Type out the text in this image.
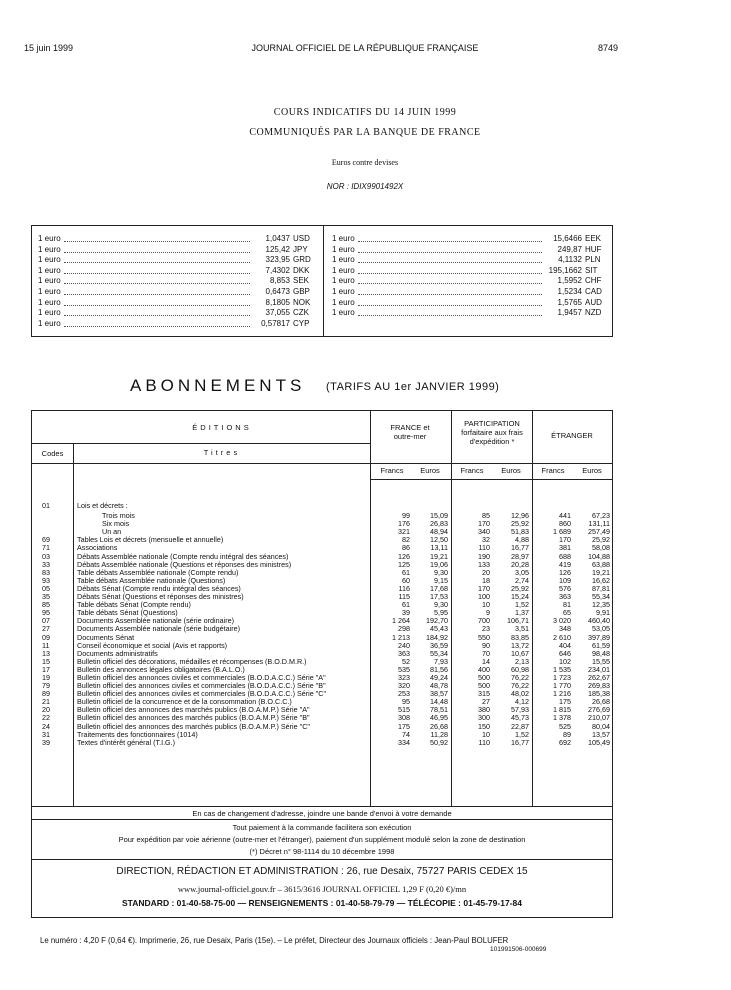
15 juin 1999	JOURNAL OFFICIEL DE LA RÉPUBLIQUE FRANÇAISE	8749
COURS INDICATIFS DU 14 JUIN 1999
COMMUNIQUÉS PAR LA BANQUE DE FRANCE
Euros contre devises
NOR : IDIX9901492X
1 euro	1,0437 USD
1 euro	125,42 JPY
1 euro	323,95 GRD
1 euro	7,4302 DKK
1 euro	8,853 SEK
1 euro	0,6473 GBP
1 euro	8,1805 NOK
1 euro	37,055 CZK
1 euro	0,57817 CYP
1 euro	15,6466 EEK
1 euro	249,87 HUF
1 euro	4,1132 PLN
1 euro	195,1662 SIT
1 euro	1,5952 CHF
1 euro	1,5234 CAD
1 euro	1,5765 AUD
1 euro	1,9457 NZD
ABONNEMENTS (TARIFS AU 1er JANVIER 1999)
ÉDITIONS
Codes	Titres
FRANCE et outre-mer
PARTICIPATION forfaitaire aux frais d'expédition *
ÉTRANGER
Francs	Euros	Francs	Euros	Francs	Euros
01	Lois et décrets :
Trois mois	99	15,09	85	12,96	441	67,23
Six mois	176	26,83	170	25,92	860	131,11
Un an	321	48,94	340	51,83	1 689	257,49
69	Tables Lois et décrets (mensuelle et annuelle)	82	12,50	32	4,88	170	25,92
71	Associations	86	13,11	110	16,77	381	58,08
03	Débats Assemblée nationale (Compte rendu intégral des séances)	126	19,21	190	28,97	688	104,88
33	Débats Assemblée nationale (Questions et réponses des ministres)	125	19,06	133	20,28	419	63,88
83	Table débats Assemblée nationale (Compte rendu)	61	9,30	20	3,05	126	19,21
93	Table débats Assemblée nationale (Questions)	60	9,15	18	2,74	109	16,62
05	Débats Sénat (Compte rendu intégral des séances)	116	17,68	170	25,92	576	87,81
35	Débats Sénat (Questions et réponses des ministres)	115	17,53	100	15,24	363	55,34
85	Table débats Sénat (Compte rendu)	61	9,30	10	1,52	81	12,35
95	Table débats Sénat (Questions)	39	5,95	9	1,37	65	9,91
07	Documents Assemblée nationale (série ordinaire)	1 264	192,70	700	106,71	3 020	460,40
27	Documents Assemblée nationale (série budgétaire)	298	45,43	23	3,51	348	53,05
09	Documents Sénat	1 213	184,92	550	83,85	2 610	397,89
11	Conseil économique et social (Avis et rapports)	240	36,59	90	13,72	404	61,59
13	Documents administratifs	363	55,34	70	10,67	646	98,48
15	Bulletin officiel des décorations, médailles et récompenses (B.O.D.M.R.)	52	7,93	14	2,13	102	15,55
17	Bulletin des annonces légales obligatoires (B.A.L.O.)	535	81,56	400	60,98	1 535	234,01
19	Bulletin officiel des annonces civiles et commerciales (B.O.D.A.C.C.) Série "A"	323	49,24	500	76,22	1 723	262,67
79	Bulletin officiel des annonces civiles et commerciales (B.O.D.A.C.C.) Série "B"	320	48,78	500	76,22	1 770	269,83
89	Bulletin officiel des annonces civiles et commerciales (B.O.D.A.C.C.) Série "C"	253	38,57	315	48,02	1 216	185,38
21	Bulletin officiel de la concurrence et de la consommation (B.O.C.C.)	95	14,48	27	4,12	175	26,68
20	Bulletin officiel des annonces des marchés publics (B.O.A.M.P.) Série "A"	515	78,51	380	57,93	1 815	276,69
22	Bulletin officiel des annonces des marchés publics (B.O.A.M.P.) Série "B"	308	46,95	300	45,73	1 378	210,07
24	Bulletin officiel des annonces des marchés publics (B.O.A.M.P.) Série "C"	175	26,68	150	22,87	525	80,04
31	Traitements des fonctionnaires (1014)	74	11,28	10	1,52	89	13,57
39	Textes d'intérêt général (T.I.G.)	334	50,92	110	16,77	692	105,49
En cas de changement d'adresse, joindre une bande d'envoi à votre demande
Tout paiement à la commande facilitera son exécution
Pour expédition par voie aérienne (outre-mer et l'étranger), paiement d'un supplément modulé selon la zone de destination
(*) Décret n° 98-1114 du 10 décembre 1998
DIRECTION, RÉDACTION ET ADMINISTRATION : 26, rue Desaix, 75727 PARIS CEDEX 15
www.journal-officiel.gouv.fr – 3615/3616 JOURNAL OFFICIEL 1,29 F (0,20 €)/mn
STANDARD : 01-40-58-75-00 — RENSEIGNEMENTS : 01-40-58-79-79 — TÉLÉCOPIE : 01-45-79-17-84
Le numéro : 4,20 F (0,64 €). Imprimerie, 26, rue Desaix, Paris (15e). – Le préfet, Directeur des Journaux officiels : Jean-Paul BOLUFER
101991506-000699
